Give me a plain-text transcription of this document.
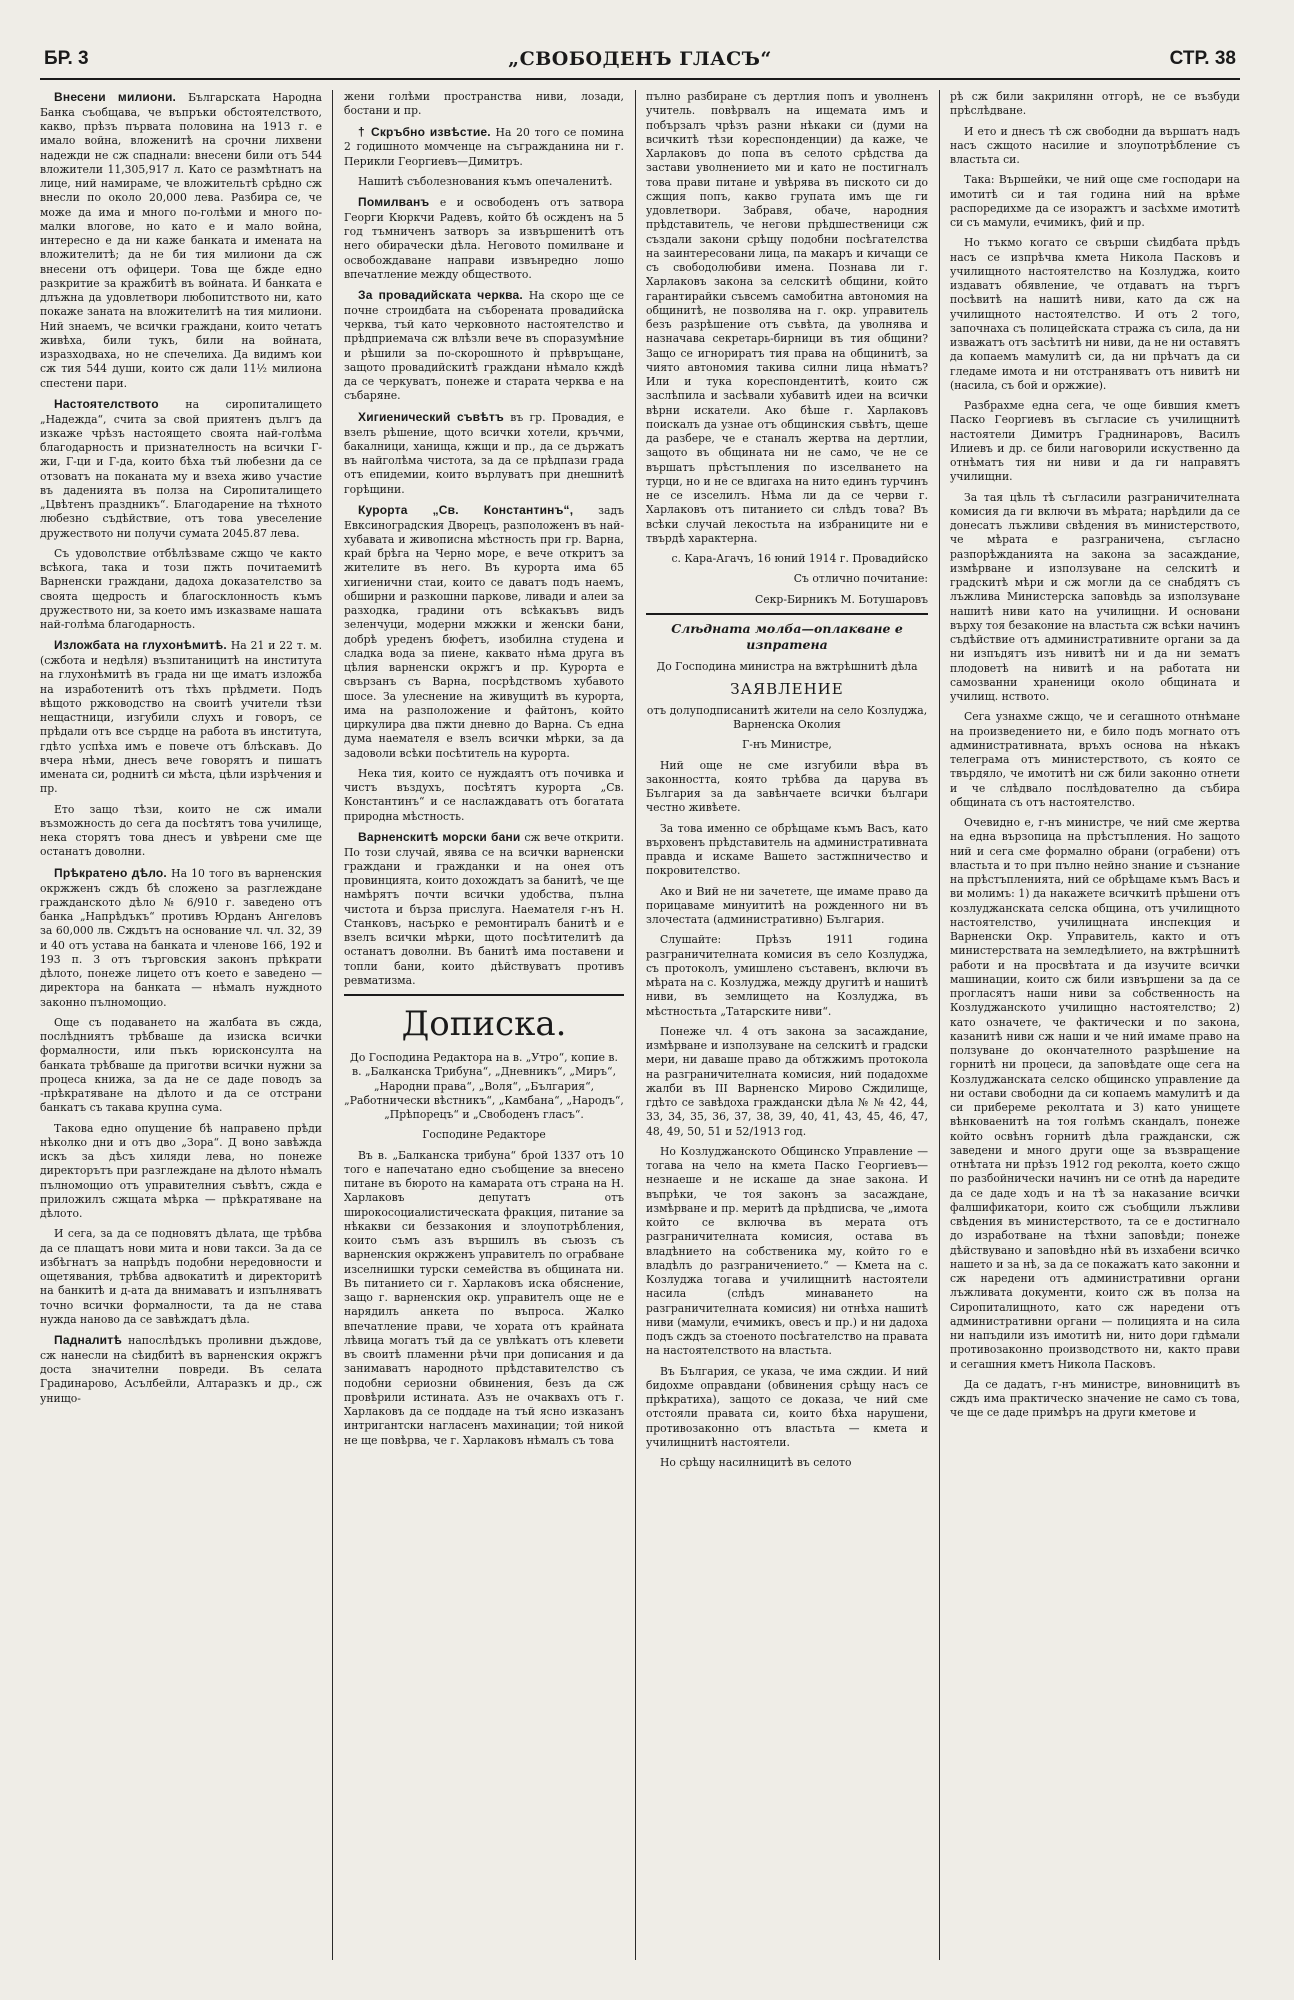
БР. 3	„СВОБОДЕНЪ ГЛАСЪ“	СТР. 38

Внесени милиони. Българската Народна Банка съобщава, че въпръки обстоятелството, какво, прѣзъ първата половина на 1913 г. е имало война, вложенитѣ на срочни лихвени надежди не сж спаднали: внесени били отъ 544 вложители 11,305,917 л. Като се размѣтнатъ на лице, ний намираме, че вложительтѣ срѣдно сж внесли по около 20,000 лева. Разбира се, че може да има и много по-голѣми и много по-малки влогове, но като е и мало война, интересно е да ни каже банката и имената на вложителитѣ; да не би тия милиони да сж внесени отъ офицери. Това ще бжде едно разкритие за кражбитѣ въ войната. И банката е длъжна да удовлетвори любопитството ни, като покаже заната на вложителитѣ на тия милиони. Ний знаемъ, че всички граждани, които четатъ живѣха, били тукъ, били на войната, изразходваха, но не спечелиха. Да видимъ кои сж тия 544 души, които сж дали 11½ милиона спестени пари.

Настоятелството на сиропиталището „Надежда“, счита за свой приятенъ дългъ да изкаже чрѣзъ настоящето своята най-голѣма благодарность и признателность на всички Г-жи, Г-ци и Г-да, които бѣха тъй любезни да се отзоватъ на поканата му и взеха живо участие въ даденията въ полза на Сиропиталището „Цвѣтенъ праздникъ“. Благодарение на тѣхното любезно съдѣйствие, отъ това увеселение дружеството ни получи сумата 2045.87 лева.

Съ удоволствие отбѣлѣзваме сжщо че както всѣкога, така и този пжть почитаемитѣ Варненски граждани, дадоха доказателство за своята щедрость и благосклонность къмъ дружеството ни, за което имъ изказваме нашата най-голѣма благодарность.

Изложбата на глухонѣмитѣ. На 21 и 22 т. м. (сжбота и недѣля) възпитаницитѣ на института на глухонѣмитѣ въ града ни ще иматъ изложба на изработенитѣ отъ тѣхъ прѣдмети. Подъ вѣщото ржководство на своитѣ учители тѣзи нещастници, изгубили слухъ и говоръ, се прѣдали отъ все сърдце на работа въ института, гдѣто успѣха имъ е повече отъ блѣскавъ. До вчера нѣми, днесъ вече говорятъ и пишатъ имената си, роднитѣ си мѣста, цѣли изрѣчения и пр.

Ето защо тѣзи, които не сж имали възможность до сега да посѣтятъ това училище, нека сторятъ това днесъ и увѣрени сме ще останатъ доволни.

Прѣкратено дѣло. На 10 того въ варненския окржженъ сждъ бѣ сложено за разглеждане гражданското дѣло № 6/910 г. заведено отъ банка „Напрѣдъкъ“ противъ Юрданъ Ангеловъ за 60,000 лв. Сждътъ на основание чл. чл. 32, 39 и 40 отъ устава на банката и членове 166, 192 и 193 п. 3 отъ търговския законъ прѣкрати дѣлото, понеже лицето отъ което е заведено — директора на банката — нѣмалъ нуждното законно пълномощио.

Още съ подаването на жалбата въ сжда, послѣдниятъ трѣбваше да изиска всички формалности, или пъкъ юрисконсулта на банката трѣбваше да приготви всички нужни за процеса книжа, за да не се даде поводъ за -прѣкратяване на дѣлото и да се отстрани банкатъ съ такава крупна сума.

Такова едно опущение бѣ направено прѣди нѣколко дни и отъ дво „Зора“. Д воно завѣжда искъ за дѣсъ хиляди лева, но понеже директорътъ при разглеждане на дѣлото нѣмалъ пълномощио отъ управителния съвѣтъ, сжда е приложилъ сжщата мѣрка — прѣкратяване на дѣлото.

И сега, за да се подновятъ дѣлата, ще трѣбва да се плащатъ нови мита и нови такси. За да се избѣгнатъ за напрѣдъ подобни нередовности и ощетявания, трѣбва адвокатитѣ и директоритѣ на банкитѣ и д-ата да внимаватъ и изпълняватъ точно всички формалности, та да не става нужда наново да се завѣждатъ дѣла.

Падналитѣ напослѣдъкъ проливни дъждове, сж нанесли на сѣидбитѣ въ варненския окржгъ доста значителни повреди. Въ селата Градинарово, Асълбейли, Алтаразкъ и др., сж унищо-

жени голѣми пространства ниви, лозади, бостани и пр.

† Скръбно извѣстие. На 20 того се помина 2 годишното момченце на съгражданина ни г. Перикли Георгиевъ—Димитръ.

Нашитѣ съболезнования къмъ опечаленитѣ.

Помилванъ е и освободенъ отъ затвора Георги Кюркчи Радевъ, който бѣ осжденъ на 5 год тъмниченъ затворъ за извършенитѣ отъ него обирачески дѣла. Неговото помилване и освобождаване направи извънредно лошо впечатление между обществото.

За провадийската черква. На скоро ще се почне строидбата на съборената провадийска черква, тъй като черковното настоятелство и прѣдприемача сж влѣзли вече въ споразумѣние и рѣшили за по-скорошното ѝ прѣвръщане, защото провадийскитѣ граждани нѣмало кждѣ да се черкуватъ, понеже и старата черква е на събаряне.

Хигиенический съвѣтъ въ гр. Провадия, е взелъ рѣшение, щото всички хотели, кръчми, бакалници, ханища, кжщи и пр., да се държатъ въ найголѣма чистота, за да се прѣдпази града отъ епидемии, които върлуватъ при днешнитѣ горѣщини.

Курорта „Св. Константинъ“, задъ Евксиноградския Дворецъ, разположенъ въ най-хубавата и живописна мѣстность при гр. Варна, край брѣга на Черно море, е вече откритъ за жителите въ него. Въ курорта има 65 хигиенични стаи, които се даватъ подъ наемъ, обширни и разкошни паркове, ливади и алеи за разходка, градини отъ всѣкакъвъ видъ зеленчуци, модерни мжжки и женски бани, добрѣ уреденъ бюфетъ, изобилна студена и сладка вода за пиене, каквато нѣма друга въ цѣлия варненски окржгъ и пр. Курорта е свързанъ съ Варна, посрѣдствомъ хубавото шосе. За улеснение на живущитѣ въ курорта, има на разположение и файтонъ, който циркулира два пжти дневно до Варна. Съ една дума наемателя е взелъ всички мѣрки, за да задоволи всѣки посѣтитель на курорта.

Нека тия, които се нуждаятъ отъ почивка и чистъ въздухъ, посѣтятъ курорта „Св. Константинъ“ и се наслаждаватъ отъ богатата природна мѣстность.

Варненскитѣ морски бани сж вече открити. По този случай, явява се на всички варненски граждани и гражданки и на онея отъ провинцията, които дохождатъ за банитѣ, че ще намѣрятъ почти всички удобства, пълна чистота и бърза прислуга. Наемателя г-нъ Н. Станковъ, насърко е ремонтиралъ банитѣ и е взелъ всички мѣрки, щото посѣтителитѣ да останатъ доволни. Въ банитѣ има поставени и топли бани, които дѣйствуватъ противъ ревматизма.

Дописка.

До Господина Редактора на в. „Утро“, копие в. в. „Балканска Трибуна“, „Дневникъ“, „Миръ“, „Народни права“, „Воля“, „България“, „Работнически вѣстникъ“, „Камбана“, „Народъ“, „Прѣпорецъ“ и „Свободенъ гласъ“.

Господине Редакторе

Въ в. „Балканска трибуна“ брой 1337 отъ 10 того е напечатано едно съобщение за внесено питане въ бюрото на камарата отъ страна на Н. Харлаковъ депутатъ отъ широкосоциалистическата фракция, питание за нѣкакви си беззакония и злоупотрѣбления, които съмъ азъ вършилъ въ съюзъ съ варненския окржженъ управителъ по ограбване изселнишки турски семейства въ общината ни. Въ питанието си г. Харлаковъ иска обяснение, защо г. варненския окр. управителъ още не е нарядилъ анкета по въпроса. Жалко впечатление прави, че хората отъ крайната лѣвица могатъ тъй да се увлѣкатъ отъ клевети въ своитѣ пламенни рѣчи при дописания и да занимаватъ народното прѣдставителство съ подобни сериозни обвинения, безъ да сж провѣрили истината. Азъ не очаквахъ отъ г. Харлаковъ да се поддаде на тъй ясно изказанъ интригантски нагласенъ махинации; той никой не ще повѣрва, че г. Харлаковъ нѣмалъ съ това

пълно разбиране съ дертлия попъ и уволненъ учитель. повѣрвалъ на ищемата имъ и побързалъ чрѣзъ разни нѣкаки си (думи на всичкитѣ тѣзи кореспонденции) да каже, че Харлаковъ до попа въ селото срѣдства да застави уволнението ми и като не постигналъ това прави питане и увѣрява въ пиското си до сжщия попъ, какво групата имъ ще ги удовлетвори. Забравя, обаче, народния прѣдставитель, че негови прѣдшественици сж създали закони срѣщу подобни посѣгателства на заинтересовани лица, па макаръ и кичащи се съ свободолюбиви имена. Познава ли г. Харлаковъ закона за селскитѣ общини, който гарантирайки съвсемъ самобитна автономия на общинитѣ, не позволява на г. окр. управитель безъ разрѣшение отъ съвѣта, да уволнява и назначава секретарь-бирници въ тия общини? Защо се игнориратъ тия права на общинитѣ, за чиято автономия такива силни лица нѣматъ? Или и тука кореспондентитѣ, които сж заслѣпила и засѣвали хубавитѣ идеи на всички вѣрни искатели. Ако бѣше г. Харлаковъ поискалъ да узнае отъ общинския съвѣтъ, щеше да разбере, че е станалъ жертва на дертлии, защото въ общината ни не само, че не се вършатъ прѣстъпления по изселването на турци, но и не се вдигаха на нито единъ турчинъ не се изселилъ. Нѣма ли да се черви г. Харлаковъ отъ питанието си слѣдъ това? Въ всѣки случай лекостьта на избраниците ни е твърдѣ характерна.

с. Кара-Агачъ, 16 юний 1914 г. Провадийско

Съ отлично почитание:

Секр-Бирникъ М. Ботушаровъ

Слѣдната молба—оплакване е изпратена

До Господина министра на вжтрѣшнитѣ дѣла

ЗАЯВЛЕНИЕ

отъ долуподписанитѣ жители на село Козлуджа, Варненска Околия

Г-нъ Министре,

Ний още не сме изгубили вѣра въ законността, която трѣбва да царува въ България за да завѣнчаете всички българи честно живѣете.

За това именно се обрѣщаме къмъ Васъ, като върховенъ прѣдставитель на административната правда и искаме Вашето застжпничество и покровителство.

Ако и Вий не ни зачетете, ще имаме право да порицаваме минуититѣ на рожденного ни въ злочестата (административно) България.

Слушайте: Прѣзъ 1911 година разграничителната комисия въ село Козлуджа, съ протоколъ, умишлено съставенъ, включи въ мѣрата на с. Козлуджа, между другитѣ и нашитѣ ниви, въ землището на Козлуджа, въ мѣстностьта „Татарските ниви“.

Понеже чл. 4 отъ закона за засаждание, измѣрване и използуване на селскитѣ и градски мери, ни даваше право да обтжжимъ протокола на разграничителната комисия, ний подадохме жалби въ III Варненско Мирово Сждилище, гдѣто се завѣдоха граждански дѣла № № 42, 44, 33, 34, 35, 36, 37, 38, 39, 40, 41, 43, 45, 46, 47, 48, 49, 50, 51 и 52/1913 год.

Но Козлуджанското Общинско Управление — тогава на чело на кмета Паско Георгиевъ—незнаеше и не искаше да знае закона. И въпрѣки, че тоя законъ за засаждане, измѣрване и пр. меритѣ да прѣдписва, че „имота който се включва въ мерата отъ разграничителната комисия, остава въ владѣнието на собственика му, който го е владѣлъ до разграничението.“ — Кмета на с. Козлуджа тогава и училищнитѣ настоятели насила (слѣдъ минаването на разграничителната комисия) ни отнѣха нашитѣ ниви (мамули, ечимикъ, овесъ и пр.) и ни дадоха подъ сждъ за стоеното посѣгателство на правата на настоятелството на властьта.

Въ България, се указа, че има сждии. И ний бидохме оправдани (обвинения срѣщу насъ се прѣкратиха), защото се доказа, че ний сме отстояли правата си, които бѣха нарушени, противозаконно отъ властьта — кмета и училищнитѣ настоятели.

Но срѣщу насилницитѣ въ селото

рѣ сж били закрилянн отгорѣ, не се възбуди прѣслѣдване.

И ето и днесъ тѣ сж свободни да вършатъ надъ насъ сжщото насилие и злоупотрѣбление съ властьта си.

Така: Вършейки, че ний още сме господари на имотитѣ си и тая година ний на врѣме распоредихме да се изоражтъ и засѣхме имотитѣ си съ мамули, ечимикъ, фий и пр.

Но тъкмо когато се свърши сѣидбата прѣдъ насъ се изпрѣчва кмета Никола Пасковъ и училищното настоятелство на Козлуджа, които издаватъ обявление, че отдаватъ на търгъ посѣвитѣ на нашитѣ ниви, като да сж на училищното настоятелство. И отъ 2 того, започнаха съ полицейската стража съ сила, да ни изважатъ отъ засѣтитѣ ни ниви, да не ни оставятъ да копаемъ мамулитѣ си, да ни прѣчатъ да си гледаме имота и ни отстраняватъ отъ нивитѣ ни (насила, съ бой и оржжие).

Разбрахме една сега, че още бившия кметъ Паско Георгиевъ въ съгласие съ училищнитѣ настоятели Димитръ Граднинаровъ, Василъ Илиевъ и др. се били наговорили искуственно да отнѣматъ тия ни ниви и да ги направятъ училищни.

За тая цѣль тѣ съгласили разграничителната комисия да ги включи въ мѣрата; нарѣдили да се донесатъ лъжливи свѣдения въ министерството, че мѣрата е разграничена, съгласно разпорѣжданията на закона за засаждание, измѣрване и използуване на селскитѣ и градскитѣ мѣри и сж могли да се снабдятъ съ лъжлива Министерска заповѣдь за използуване нашитѣ ниви като на училищни. И основани върху тоя безаконие на властьта сж всѣки начинъ съдѣйствие отъ административните органи за да ни изпъдятъ изъ нивитѣ ни и да ни зематъ плодоветѣ на нивитѣ и на работата ни самозванни храненици около общината и училищ. нството.

Сега узнахме сжщо, че и сегашното отнѣмане на произведението ни, е било подъ могнато отъ административната, връхъ основа на нѣкакъ телеграма отъ министерството, съ която се твърдяло, че имотитѣ ни сж били законно отнети и че слѣдвало послѣдователно да събира общината съ отъ настоятелство.

Очевидно е, г-нъ министре, че ний сме жертва на една вързопица на прѣстъпления. Но защото ний и сега сме формално обрани (ограбени) отъ властьта и то при пълно нейно знание и съзнание на прѣстъпленията, ний се обрѣщаме къмъ Васъ и ви молимъ: 1) да накажете всичкитѣ прѣшени отъ козлуджанската селска община, отъ училищното настоятелство, училищната инспекция и Варненски Окр. Управитель, както и отъ министерстватa на земледѣлието, на вжтрѣшнитѣ работи и на просвѣтата и да изучите всички машинации, които сж били извършени за да се прогласятъ наши ниви за собственность на Козлуджанското училищно настоятелство; 2) като означете, че фактически и по закона, казанитѣ ниви сж наши и че ний имаме право на ползуване до окончателното разрѣшение на горнитѣ ни процеси, да заповѣдате още сега на Козлуджанската селско общинско управление да ни остави свободни да си копаемъ мамулитѣ и да си прибереме реколтата и 3) като унищете вѣнковаенитѣ на тоя голѣмъ скандалъ, понеже който освѣнъ горнитѣ дѣла граждански, сж заведени и много други още за възвращение отнѣтата ни прѣзъ 1912 год реколта, което сжщо по разбойнически начинъ ни се отнѣ да наредите да се даде ходъ и на тѣ за наказание всички фалшификатори, които сж съобщили лъжливи свѣдения въ министерството, та се е достигнало до изработване на тѣхни заповѣди; понеже дѣйствувано и заповѣдно нѣй въ изхабени всичко нашето и за нѣ, за да се покажатъ като законни и сж наредени отъ административни органи лъжливата документи, които сж въ полза на Сиропиталищното, като сж наредени отъ административни органи — полицията и на сила ни напъдили изъ имотитѣ ни, нито дори гдѣмали противозаконно производството ни, както прави и сегашния кметъ Никола Пасковъ.

Да се дадатъ, г-нъ министре, виновницитѣ въ сждъ има практическо значение не само съ това, че ще се даде примѣръ на други кметове и
